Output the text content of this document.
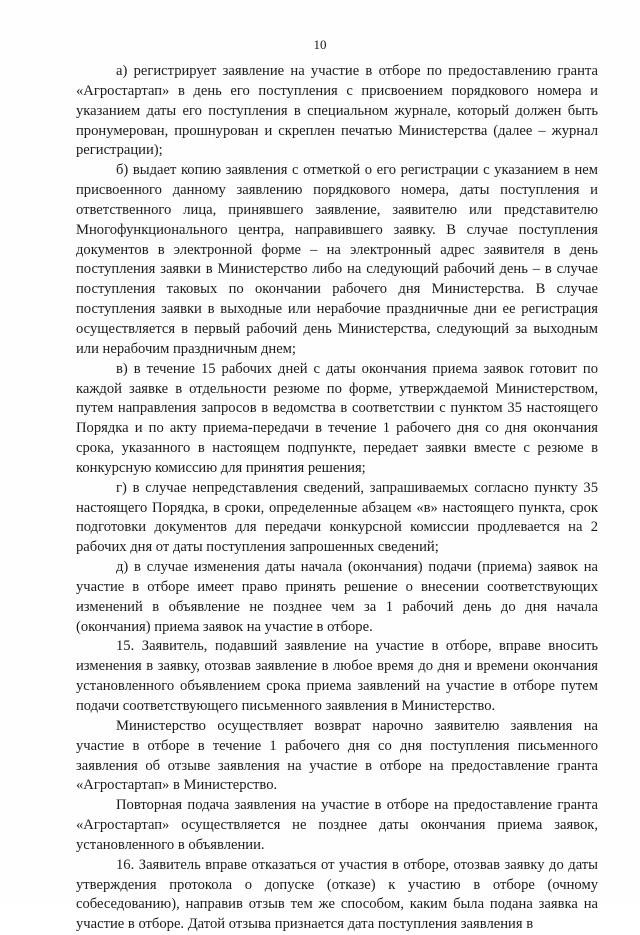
10

а) регистрирует заявление на участие в отборе по предоставлению гранта «Агростартап» в день его поступления с присвоением порядкового номера и указанием даты его поступления в специальном журнале, который должен быть пронумерован, прошнурован и скреплен печатью Министерства (далее – журнал регистрации);

б) выдает копию заявления с отметкой о его регистрации с указанием в нем присвоенного данному заявлению порядкового номера, даты поступления и ответственного лица, принявшего заявление, заявителю или представителю Многофункционального центра, направившего заявку. В случае поступления документов в электронной форме – на электронный адрес заявителя в день поступления заявки в Министерство либо на следующий рабочий день – в случае поступления таковых по окончании рабочего дня Министерства. В случае поступления заявки в выходные или нерабочие праздничные дни ее регистрация осуществляется в первый рабочий день Министерства, следующий за выходным или нерабочим праздничным днем;

в) в течение 15 рабочих дней с даты окончания приема заявок готовит по каждой заявке в отдельности резюме по форме, утверждаемой Министерством, путем направления запросов в ведомства в соответствии с пунктом 35 настоящего Порядка и по акту приема-передачи в течение 1 рабочего дня со дня окончания срока, указанного в настоящем подпункте, передает заявки вместе с резюме в конкурсную комиссию для принятия решения;

г) в случае непредставления сведений, запрашиваемых согласно пункту 35 настоящего Порядка, в сроки, определенные абзацем «в» настоящего пункта, срок подготовки документов для передачи конкурсной комиссии продлевается на 2 рабочих дня от даты поступления запрошенных сведений;

д) в случае изменения даты начала (окончания) подачи (приема) заявок на участие в отборе имеет право принять решение о внесении соответствующих изменений в объявление не позднее чем за 1 рабочий день до дня начала (окончания) приема заявок на участие в отборе.

15. Заявитель, подавший заявление на участие в отборе, вправе вносить изменения в заявку, отозвав заявление в любое время до дня и времени окончания установленного объявлением срока приема заявлений на участие в отборе путем подачи соответствующего письменного заявления в Министерство.

Министерство осуществляет возврат нарочно заявителю заявления на участие в отборе в течение 1 рабочего дня со дня поступления письменного заявления об отзыве заявления на участие в отборе на предоставление гранта «Агростартап» в Министерство.

Повторная подача заявления на участие в отборе на предоставление гранта «Агростартап» осуществляется не позднее даты окончания приема заявок, установленного в объявлении.

16. Заявитель вправе отказаться от участия в отборе, отозвав заявку до даты утверждения протокола о допуске (отказе) к участию в отборе (очному собеседованию), направив отзыв тем же способом, каким была подана заявка на участие в отборе. Датой отзыва признается дата поступления заявления в
